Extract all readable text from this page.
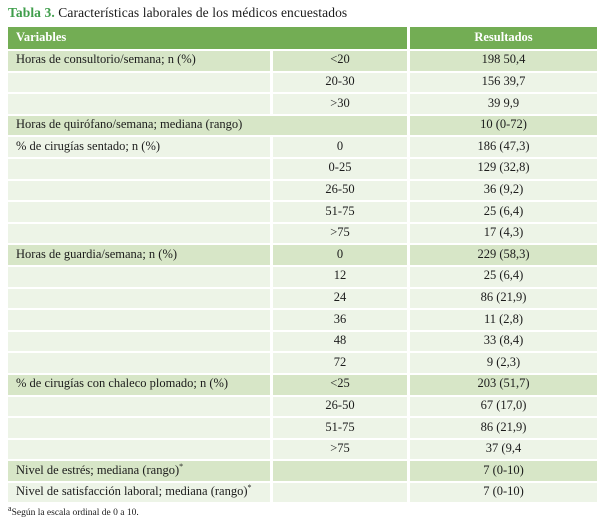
Tabla 3. Características laborales de los médicos encuestados
Variables		Resultados
Horas de consultorio/semana; n (%)	<20	198 50,4
	20-30	156 39,7
	>30	39 9,9
Horas de quirófano/semana; mediana (rango)		10 (0-72)
% de cirugías sentado; n (%)	0	186 (47,3)
	0-25	129 (32,8)
	26-50	36 (9,2)
	51-75	25 (6,4)
	>75	17 (4,3)
Horas de guardia/semana; n (%)	0	229 (58,3)
	12	25 (6,4)
	24	86 (21,9)
	36	11 (2,8)
	48	33 (8,4)
	72	9 (2,3)
% de cirugías con chaleco plomado; n (%)	<25	203 (51,7)
	26-50	67 (17,0)
	51-75	86 (21,9)
	>75	37 (9,4
Nivel de estrés; mediana (rango)*		7 (0-10)
Nivel de satisfacción laboral; mediana (rango)*		7 (0-10)
$^a$Según la escala ordinal de 0 a 10.
